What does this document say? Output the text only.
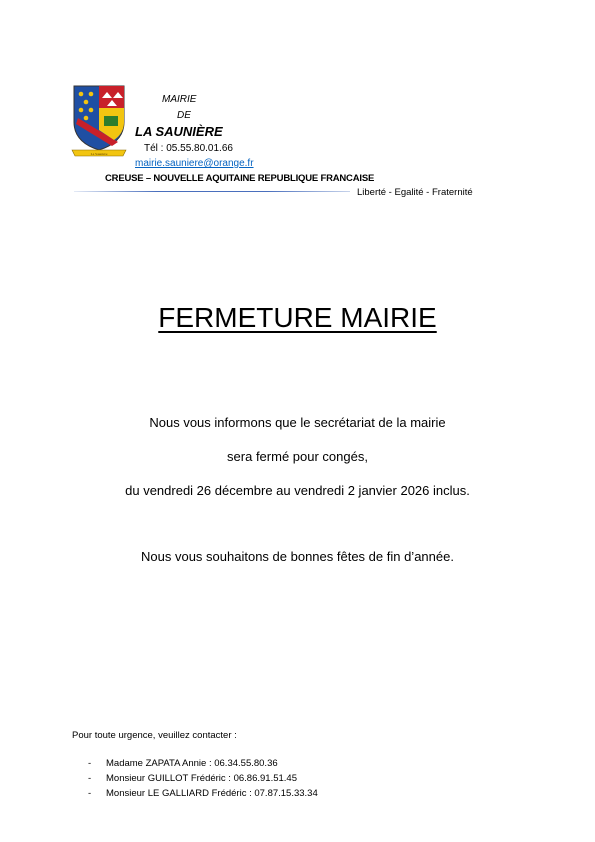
La Saunière
MAIRIE
DE
LA SAUNIÈRE
Tél : 05.55.80.01.66
mairie.sauniere@orange.fr
CREUSE – NOUVELLE AQUITAINE REPUBLIQUE FRANCAISE
Liberté - Egalité - Fraternité
FERMETURE MAIRIE
Nous vous informons que le secrétariat de la mairie
sera fermé pour congés,
du vendredi 26 décembre au vendredi 2 janvier 2026 inclus.
Nous vous souhaitons de bonnes fêtes de fin d’année.
Pour toute urgence, veuillez contacter :
- Madame ZAPATA Annie : 06.34.55.80.36
- Monsieur GUILLOT Frédéric : 06.86.91.51.45
- Monsieur LE GALLIARD Frédéric : 07.87.15.33.34
